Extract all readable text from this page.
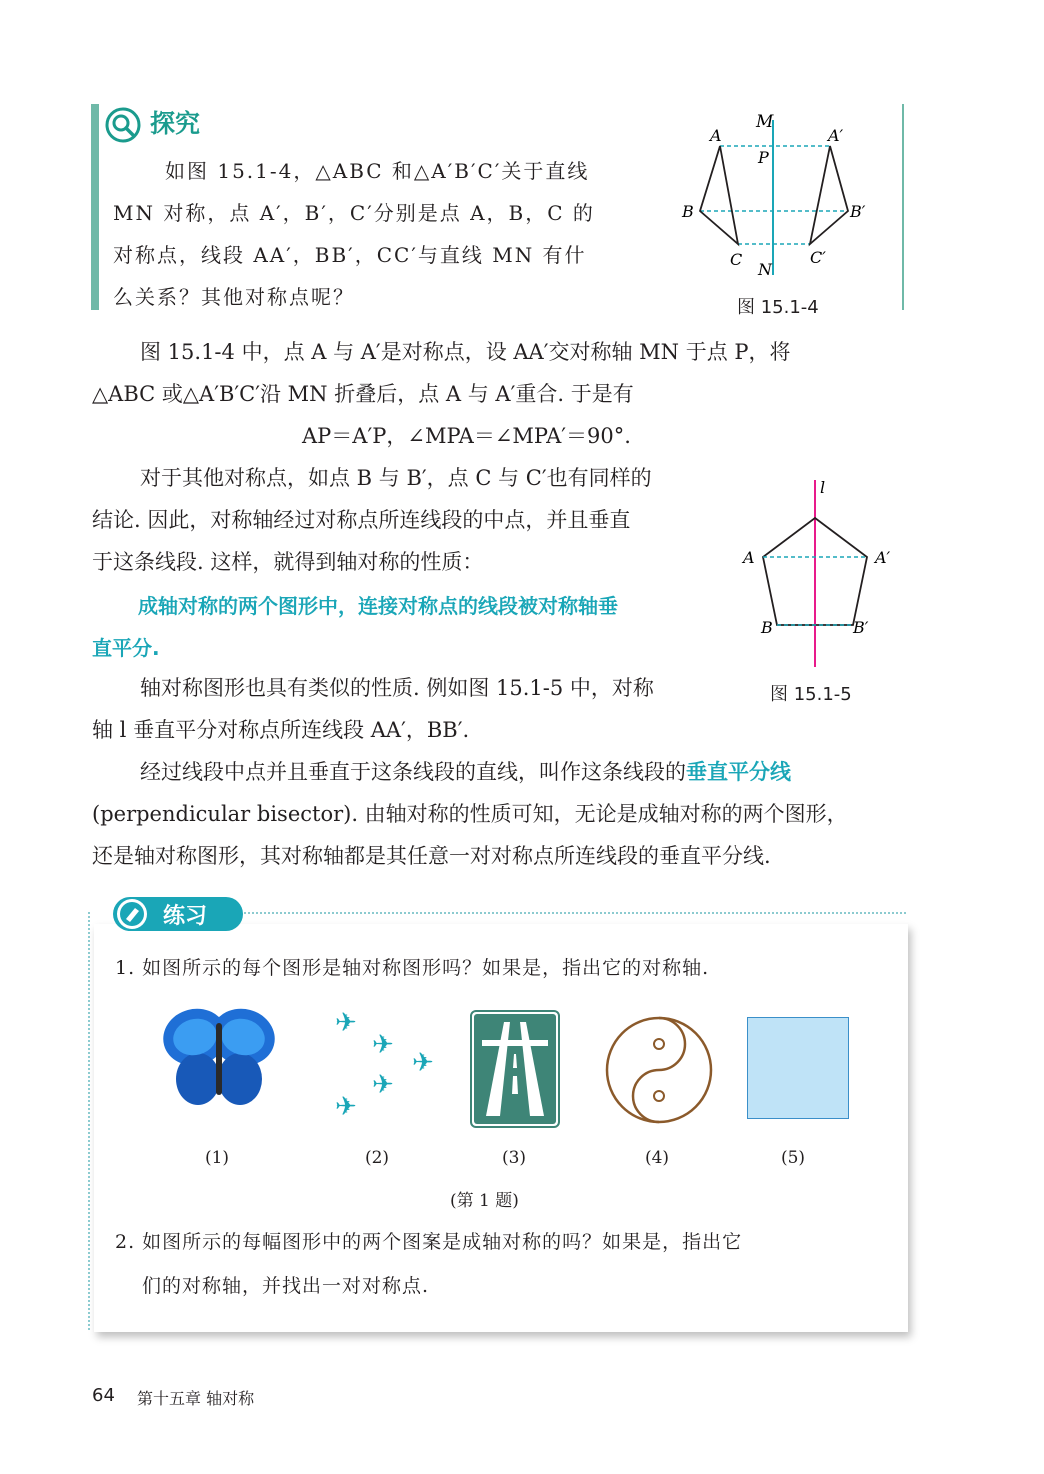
探究

如图 15.1-4，△ABC 和△A′B′C′关于直线

MN 对称，点 A′，B′，C′分别是点 A，B，C 的

对称点，线段 AA′，BB′，CC′与直线 MN 有什

么关系？其他对称点呢？

M
P
A	A′
B	B′
C	C′
N
图 15.1-4
图 15.1-4 中，点 A 与 A′是对称点，设 AA′交对称轴 MN 于点 P，将
△ABC 或△A′B′C′沿 MN 折叠后，点 A 与 A′重合. 于是有
AP＝A′P，∠MPA＝∠MPA′＝90°.
对于其他对称点，如点 B 与 B′，点 C 与 C′也有同样的
结论. 因此，对称轴经过对称点所连线段的中点，并且垂直
于这条线段. 这样，就得到轴对称的性质：
成轴对称的两个图形中，连接对称点的线段被对称轴垂
直平分.
l
A	A′
B	B′
图 15.1-5
轴对称图形也具有类似的性质. 例如图 15.1-5 中，对称
轴 l 垂直平分对称点所连线段 AA′，BB′.
经过线段中点并且垂直于这条线段的直线，叫作这条线段的垂直平分线
(perpendicular bisector). 由轴对称的性质可知，无论是成轴对称的两个图形，
还是轴对称图形，其对称轴都是其任意一对对称点所连线段的垂直平分线.
练习
1. 如图所示的每个图形是轴对称图形吗？如果是，指出它的对称轴.
✈
✈
✈
✈
✈
(1)	(2)	(3)	(4)	(5)
(第 1 题)
2. 如图所示的每幅图形中的两个图案是成轴对称的吗？如果是，指出它
们的对称轴，并找出一对对称点.
64 第十五章 轴对称
